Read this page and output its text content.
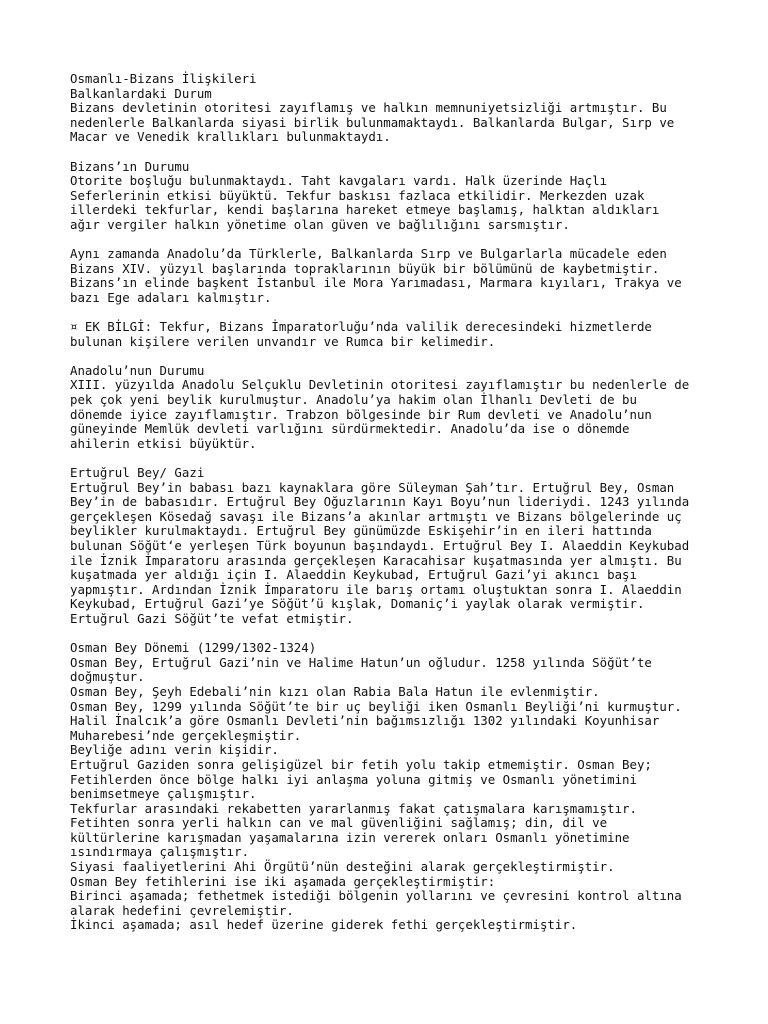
Osmanlı-Bizans İlişkileri
Balkanlardaki Durum
Bizans devletinin otoritesi zayıflamış ve halkın memnuniyetsizliği artmıştır. Bu
nedenlerle Balkanlarda siyasi birlik bulunmamaktaydı. Balkanlarda Bulgar, Sırp ve
Macar ve Venedik krallıkları bulunmaktaydı.
Bizans’ın Durumu
Otorite boşluğu bulunmaktaydı. Taht kavgaları vardı. Halk üzerinde Haçlı
Seferlerinin etkisi büyüktü. Tekfur baskısı fazlaca etkilidir. Merkezden uzak
illerdeki tekfurlar, kendi başlarına hareket etmeye başlamış, halktan aldıkları
ağır vergiler halkın yönetime olan güven ve bağlılığını sarsmıştır.
Aynı zamanda Anadolu’da Türklerle, Balkanlarda Sırp ve Bulgarlarla mücadele eden
Bizans XIV. yüzyıl başlarında topraklarının büyük bir bölümünü de kaybetmiştir.
Bizans’ın elinde başkent İstanbul ile Mora Yarımadası, Marmara kıyıları, Trakya ve
bazı Ege adaları kalmıştır.
¤ EK BİLGİ: Tekfur, Bizans İmparatorluğu’nda valilik derecesindeki hizmetlerde
bulunan kişilere verilen unvandır ve Rumca bir kelimedir.
Anadolu’nun Durumu
XIII. yüzyılda Anadolu Selçuklu Devletinin otoritesi zayıflamıştır bu nedenlerle de
pek çok yeni beylik kurulmuştur. Anadolu’ya hakim olan İlhanlı Devleti de bu
dönemde iyice zayıflamıştır. Trabzon bölgesinde bir Rum devleti ve Anadolu’nun
güneyinde Memlük devleti varlığını sürdürmektedir. Anadolu’da ise o dönemde
ahilerin etkisi büyüktür.
Ertuğrul Bey/ Gazi
Ertuğrul Bey’in babası bazı kaynaklara göre Süleyman Şah’tır. Ertuğrul Bey, Osman
Bey’in de babasıdır. Ertuğrul Bey Oğuzlarının Kayı Boyu’nun lideriydi. 1243 yılında
gerçekleşen Kösedağ savaşı ile Bizans’a akınlar artmıştı ve Bizans bölgelerinde uç
beylikler kurulmaktaydı. Ertuğrul Bey günümüzde Eskişehir’in en ileri hattında
bulunan Söğüt‘e yerleşen Türk boyunun başındaydı. Ertuğrul Bey I. Alaeddin Keykubad
ile İznik İmparatoru arasında gerçekleşen Karacahisar kuşatmasında yer almıştı. Bu
kuşatmada yer aldığı için I. Alaeddin Keykubad, Ertuğrul Gazi’yi akıncı başı
yapmıştır. Ardından İznik İmparatoru ile barış ortamı oluştuktan sonra I. Alaeddin
Keykubad, Ertuğrul Gazi’ye Söğüt’ü kışlak, Domaniç’i yaylak olarak vermiştir.
Ertuğrul Gazi Söğüt’te vefat etmiştir.
Osman Bey Dönemi (1299/1302-1324)
Osman Bey, Ertuğrul Gazi’nin ve Halime Hatun’un oğludur. 1258 yılında Söğüt’te
doğmuştur.
Osman Bey, Şeyh Edebali’nin kızı olan Rabia Bala Hatun ile evlenmiştir.
Osman Bey, 1299 yılında Söğüt’te bir uç beyliği iken Osmanlı Beyliği’ni kurmuştur.
Halil İnalcık’a göre Osmanlı Devleti’nin bağımsızlığı 1302 yılındaki Koyunhisar
Muharebesi’nde gerçekleşmiştir.
Beyliğe adını verin kişidir.
Ertuğrul Gaziden sonra gelişigüzel bir fetih yolu takip etmemiştir. Osman Bey;
Fetihlerden önce bölge halkı iyi anlaşma yoluna gitmiş ve Osmanlı yönetimini
benimsetmeye çalışmıştır.
Tekfurlar arasındaki rekabetten yararlanmış fakat çatışmalara karışmamıştır.
Fetihten sonra yerli halkın can ve mal güvenliğini sağlamış; din, dil ve
kültürlerine karışmadan yaşamalarına izin vererek onları Osmanlı yönetimine
ısındırmaya çalışmıştır.
Siyasi faaliyetlerini Ahi Örgütü’nün desteğini alarak gerçekleştirmiştir.
Osman Bey fetihlerini ise iki aşamada gerçekleştirmiştir:
Birinci aşamada; fethetmek istediği bölgenin yollarını ve çevresini kontrol altına
alarak hedefini çevrelemiştir.
İkinci aşamada; asıl hedef üzerine giderek fethi gerçekleştirmiştir.
